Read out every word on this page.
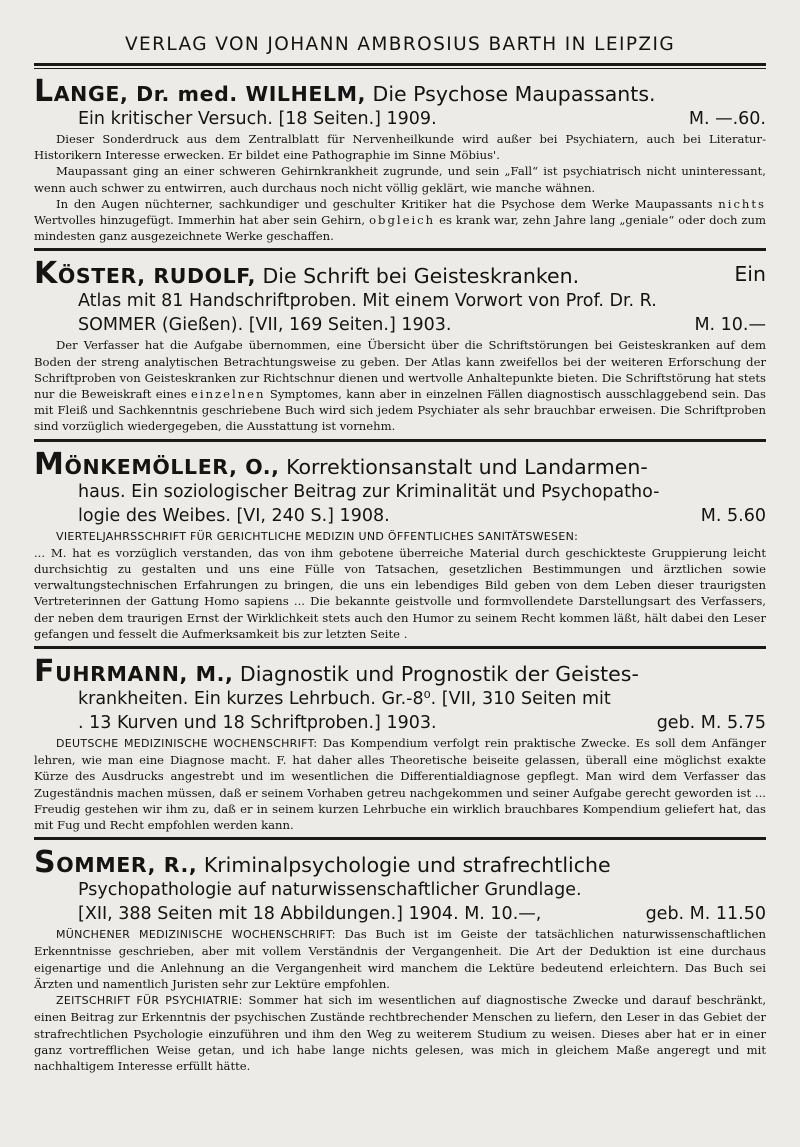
VERLAG VON JOHANN AMBROSIUS BARTH IN LEIPZIG
LANGE, Dr. med. WILHELM, Die Psychose Maupassants.
Ein kritischer Versuch. [18 Seiten.] 1909.	M. —.60.

Dieser Sonderdruck aus dem Zentralblatt für Nervenheilkunde wird außer bei Psychiatern, auch bei Literatur-Historikern Interesse erwecken. Er bildet eine Pathographie im Sinne Möbius'.
Maupassant ging an einer schweren Gehirnkrankheit zugrunde, und sein „Fall“ ist psychiatrisch nicht uninteressant, wenn auch schwer zu entwirren, auch durchaus noch nicht völlig geklärt, wie manche wähnen.
In den Augen nüchterner, sachkundiger und geschulter Kritiker hat die Psychose dem Werke Maupassants nichts Wertvolles hinzugefügt. Immerhin hat aber sein Gehirn, obgleich es krank war, zehn Jahre lang „geniale“ oder doch zum mindesten ganz ausgezeichnete Werke geschaffen.

KÖSTER, RUDOLF, Die Schrift bei Geisteskranken.	Ein
Atlas mit 81 Handschriftproben. Mit einem Vorwort von Prof. Dr. R.
SOMMER (Gießen). [VII, 169 Seiten.] 1903.	M. 10.—

Der Verfasser hat die Aufgabe übernommen, eine Übersicht über die Schriftstörungen bei Geisteskranken auf dem Boden der streng analytischen Betrachtungsweise zu geben. Der Atlas kann zweifellos bei der weiteren Erforschung der Schriftproben von Geisteskranken zur Richtschnur dienen und wertvolle Anhaltepunkte bieten. Die Schriftstörung hat stets nur die Beweiskraft eines einzelnen Symptomes, kann aber in einzelnen Fällen diagnostisch ausschlaggebend sein. Das mit Fleiß und Sachkenntnis geschriebene Buch wird sich jedem Psychiater als sehr brauchbar erweisen. Die Schriftproben sind vorzüglich wiedergegeben, die Ausstattung ist vornehm.

MÖNKEMÖLLER, O., Korrektionsanstalt und Landarmen-
haus. Ein soziologischer Beitrag zur Kriminalität und Psychopatho-
logie des Weibes. [VI, 240 S.] 1908.	M. 5.60

VIERTELJAHRSSCHRIFT FÜR GERICHTLICHE MEDIZIN UND ÖFFENTLICHES SANITÄTSWESEN:
... M. hat es vorzüglich verstanden, das von ihm gebotene überreiche Material durch geschickteste Gruppierung leicht durchsichtig zu gestalten und uns eine Fülle von Tatsachen, gesetzlichen Bestimmungen und ärztlichen sowie verwaltungstechnischen Erfahrungen zu bringen, die uns ein lebendiges Bild geben von dem Leben dieser traurigsten Vertreterinnen der Gattung Homo sapiens ... Die bekannte geistvolle und formvollendete Darstellungsart des Verfassers, der neben dem traurigen Ernst der Wirklichkeit stets auch den Humor zu seinem Recht kommen läßt, hält dabei den Leser gefangen und fesselt die Aufmerksamkeit bis zur letzten Seite .

FUHRMANN, M., Diagnostik und Prognostik der Geistes-
krankheiten. Ein kurzes Lehrbuch. Gr.-8⁰. [VII, 310 Seiten mit
. 13 Kurven und 18 Schriftproben.] 1903.	geb. M. 5.75

DEUTSCHE MEDIZINISCHE WOCHENSCHRIFT: Das Kompendium verfolgt rein praktische Zwecke. Es soll dem Anfänger lehren, wie man eine Diagnose macht. F. hat daher alles Theoretische beiseite gelassen, überall eine möglichst exakte Kürze des Ausdrucks angestrebt und im wesentlichen die Differentialdiagnose gepflegt. Man wird dem Verfasser das Zugeständnis machen müssen, daß er seinem Vorhaben getreu nachgekommen und seiner Aufgabe gerecht geworden ist ... Freudig gestehen wir ihm zu, daß er in seinem kurzen Lehrbuche ein wirklich brauchbares Kompendium geliefert hat, das mit Fug und Recht empfohlen werden kann.

SOMMER, R., Kriminalpsychologie und strafrechtliche
Psychopathologie auf naturwissenschaftlicher Grundlage.
[XII, 388 Seiten mit 18 Abbildungen.] 1904. M. 10.—,	geb. M. 11.50

MÜNCHENER MEDIZINISCHE WOCHENSCHRIFT: Das Buch ist im Geiste der tatsächlichen naturwissenschaftlichen Erkenntnisse geschrieben, aber mit vollem Verständnis der Vergangenheit. Die Art der Deduktion ist eine durchaus eigenartige und die Anlehnung an die Vergangenheit wird manchem die Lektüre bedeutend erleichtern. Das Buch sei Ärzten und namentlich Juristen sehr zur Lektüre empfohlen.
ZEITSCHRIFT FÜR PSYCHIATRIE: Sommer hat sich im wesentlichen auf diagnostische Zwecke und darauf beschränkt, einen Beitrag zur Erkenntnis der psychischen Zustände rechtbrechender Menschen zu liefern, den Leser in das Gebiet der strafrechtlichen Psychologie einzuführen und ihm den Weg zu weiterem Studium zu weisen. Dieses aber hat er in einer ganz vortrefflichen Weise getan, und ich habe lange nichts gelesen, was mich in gleichem Maße angeregt und mit nachhaltigem Interesse erfüllt hätte.
